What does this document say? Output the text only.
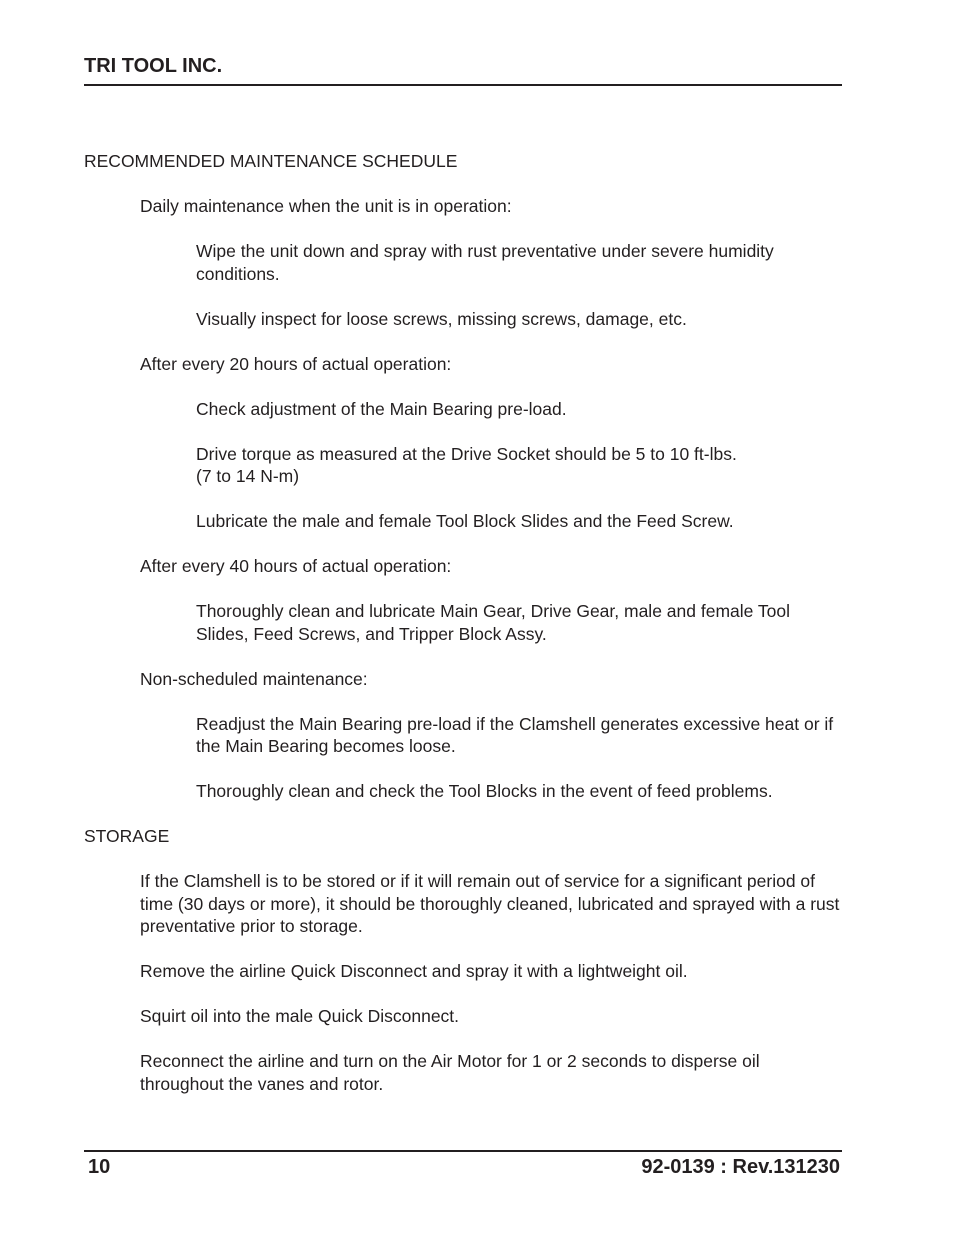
TRI TOOL INC.
RECOMMENDED MAINTENANCE SCHEDULE
Daily maintenance when the unit is in operation:
Wipe the unit down and spray with rust preventative under severe humidity conditions.
Visually inspect for loose screws, missing screws, damage, etc.
After every 20 hours of actual operation:
Check adjustment of the Main Bearing pre-load.

Drive torque as measured at the Drive Socket should be 5 to 10 ft-lbs.

(7 to 14 N-m)

Lubricate the male and female Tool Block Slides and the Feed Screw.
After every 40 hours of actual operation:
Thoroughly clean and lubricate Main Gear, Drive Gear, male and female Tool Slides, Feed Screws, and Tripper Block Assy.
Non-scheduled maintenance:
Readjust the Main Bearing pre-load if the Clamshell generates excessive heat or if the Main Bearing becomes loose.
Thoroughly clean and check the Tool Blocks in the event of feed problems.
STORAGE
If the Clamshell is to be stored or if it will remain out of service for a significant period of time (30 days or more), it should be thoroughly cleaned, lubricated and sprayed with a rust preventative prior to storage.
Remove the airline Quick Disconnect and spray it with a lightweight oil.
Squirt oil into the male Quick Disconnect.
Reconnect the airline and turn on the Air Motor for 1 or 2 seconds to disperse oil throughout the vanes and rotor.
10	92-0139 : Rev.131230
